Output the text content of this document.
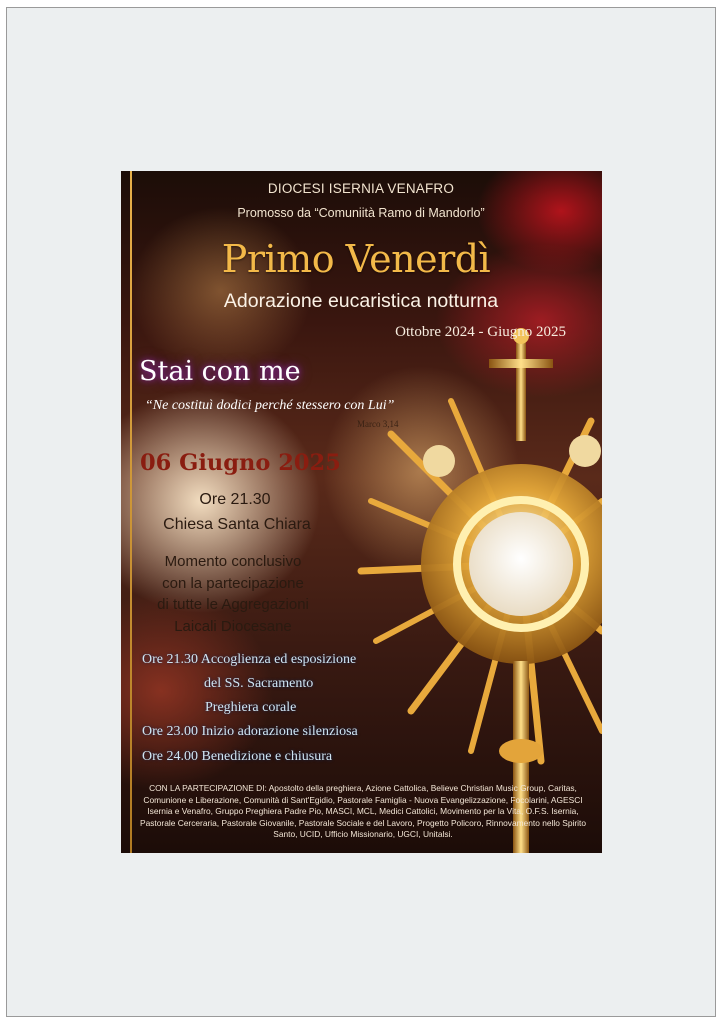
DIOCESI ISERNIA VENAFRO
Promosso da “Comuniità Ramo di Mandorlo”
Primo Venerdì
Adorazione eucaristica notturna
Ottobre 2024 - Giugno 2025
Stai con me
“Ne costituì dodici perché stessero con Lui”
Marco 3,14
06 Giugno 2025
Ore 21.30
Chiesa Santa Chiara
Momento conclusivo
con la partecipazione
di tutte le Aggregazioni
Laicali Diocesane
Ore 21.30 Accoglienza ed esposizione
del SS. Sacramento
Preghiera corale
Ore 23.00 Inizio adorazione silenziosa
Ore 24.00 Benedizione e chiusura
CON LA PARTECIPAZIONE DI: Apostolto della preghiera, Azione Cattolica, Believe Christian Music Group, Caritas, Comunione e Liberazione, Comunità di Sant'Egidio, Pastorale Famiglia - Nuova Evangelizzazione, Focolarini, AGESCI Isernia e Venafro, Gruppo Preghiera Padre Pio, MASCI, MCL, Medici Cattolici, Movimento per la Vita, O.F.S. Isernia, Pastorale Cerceraria, Pastorale Giovanile, Pastorale Sociale e del Lavoro, Progetto Policoro, Rinnovamento nello Spirito Santo, UCID, Ufficio Missionario, UGCI, Unitalsi.
